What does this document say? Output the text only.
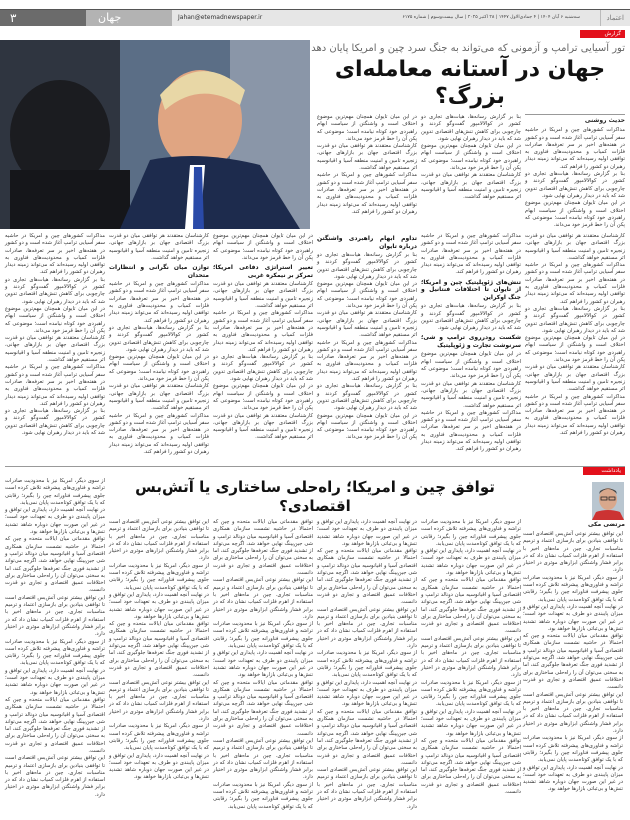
۳	جهان	Jahan@etemadnewspaper.ir	سه‌شنبه ۶ آبان ۱۴۰۴ | ۴ جمادی‌الاول ۱۴۴۷ | ۲۸ اکتبر ۲۰۲۵ | سال بیست‌وسوم | شماره ۶۱۷۵	اعتماد
گزارش
تور آسیایی ترامپ و آزمونی که می‌تواند به جنگ سرد چین و امریکا پایان دهد
جهان در آستانه معامله‌ای بزرگ؟
حدیث روشنی

مذاکرات کشورهای چین و امریکا در حاشیه سفر آسیایی ترامپ آغاز شده است و دو کشور در هفته‌های اخیر بر سر تعرفه‌ها، صادرات فلزات کمیاب و محدودیت‌های فناوری به توافقی اولیه رسیده‌اند که می‌تواند زمینه دیدار رهبران دو کشور را فراهم کند.

بنا بر گزارش رسانه‌ها، هیات‌های تجاری دو کشور در کوالالامپور گفت‌وگو کردند و چارچوبی برای کاهش تنش‌های اقتصادی تدوین شد که باید در دیدار رهبران نهایی شود.

در این میان تایوان همچنان مهم‌ترین موضوع اختلاف است و واشنگتن از سیاست ابهام راهبردی خود کوتاه نیامده است؛ موضوعی که پکن آن را خط قرمز خود می‌داند.

بنا بر گزارش رسانه‌ها، هیات‌های تجاری دو کشور در کوالالامپور گفت‌وگو کردند و چارچوبی برای کاهش تنش‌های اقتصادی تدوین شد که باید در دیدار رهبران نهایی شود.

در این میان تایوان همچنان مهم‌ترین موضوع اختلاف است و واشنگتن از سیاست ابهام راهبردی خود کوتاه نیامده است؛ موضوعی که پکن آن را خط قرمز خود می‌داند.

کارشناسان معتقدند هر توافقی میان دو قدرت بزرگ اقتصادی جهان بر بازارهای جهانی، زنجیره تامین و امنیت منطقه آسیا و اقیانوسیه اثر مستقیم خواهد گذاشت.

در این میان تایوان همچنان مهم‌ترین موضوع اختلاف است و واشنگتن از سیاست ابهام راهبردی خود کوتاه نیامده است؛ موضوعی که پکن آن را خط قرمز خود می‌داند.

کارشناسان معتقدند هر توافقی میان دو قدرت بزرگ اقتصادی جهان بر بازارهای جهانی، زنجیره تامین و امنیت منطقه آسیا و اقیانوسیه اثر مستقیم خواهد گذاشت.

مذاکرات کشورهای چین و امریکا در حاشیه سفر آسیایی ترامپ آغاز شده است و دو کشور در هفته‌های اخیر بر سر تعرفه‌ها، صادرات فلزات کمیاب و محدودیت‌های فناوری به توافقی اولیه رسیده‌اند که می‌تواند زمینه دیدار رهبران دو کشور را فراهم کند.

کارشناسان معتقدند هر توافقی میان دو قدرت بزرگ اقتصادی جهان بر بازارهای جهانی، زنجیره تامین و امنیت منطقه آسیا و اقیانوسیه اثر مستقیم خواهد گذاشت.

مذاکرات کشورهای چین و امریکا در حاشیه سفر آسیایی ترامپ آغاز شده است و دو کشور در هفته‌های اخیر بر سر تعرفه‌ها، صادرات فلزات کمیاب و محدودیت‌های فناوری به توافقی اولیه رسیده‌اند که می‌تواند زمینه دیدار رهبران دو کشور را فراهم کند.

بنا بر گزارش رسانه‌ها، هیات‌های تجاری دو کشور در کوالالامپور گفت‌وگو کردند و چارچوبی برای کاهش تنش‌های اقتصادی تدوین شد که باید در دیدار رهبران نهایی شود.

در این میان تایوان همچنان مهم‌ترین موضوع اختلاف است و واشنگتن از سیاست ابهام راهبردی خود کوتاه نیامده است؛ موضوعی که پکن آن را خط قرمز خود می‌داند.

کارشناسان معتقدند هر توافقی میان دو قدرت بزرگ اقتصادی جهان بر بازارهای جهانی، زنجیره تامین و امنیت منطقه آسیا و اقیانوسیه اثر مستقیم خواهد گذاشت.

مذاکرات کشورهای چین و امریکا در حاشیه سفر آسیایی ترامپ آغاز شده است و دو کشور در هفته‌های اخیر بر سر تعرفه‌ها، صادرات فلزات کمیاب و محدودیت‌های فناوری به توافقی اولیه رسیده‌اند که می‌تواند زمینه دیدار رهبران دو کشور را فراهم کند.

مذاکرات کشورهای چین و امریکا در حاشیه سفر آسیایی ترامپ آغاز شده است و دو کشور در هفته‌های اخیر بر سر تعرفه‌ها، صادرات فلزات کمیاب و محدودیت‌های فناوری به توافقی اولیه رسیده‌اند که می‌تواند زمینه دیدار رهبران دو کشور را فراهم کند.

تنش‌های ژئوپلیتیک چین و امریکا؛ از تایوان تا اختلافات فنتانیل و جنگ اوکراین

بنا بر گزارش رسانه‌ها، هیات‌های تجاری دو کشور در کوالالامپور گفت‌وگو کردند و چارچوبی برای کاهش تنش‌های اقتصادی تدوین شد که باید در دیدار رهبران نهایی شود.

شکست رودرروی ترامپ و شی؛ سرنوشت تجارت و ژئوپلیتیک

در این میان تایوان همچنان مهم‌ترین موضوع اختلاف است و واشنگتن از سیاست ابهام راهبردی خود کوتاه نیامده است؛ موضوعی که پکن آن را خط قرمز خود می‌داند.

کارشناسان معتقدند هر توافقی میان دو قدرت بزرگ اقتصادی جهان بر بازارهای جهانی، زنجیره تامین و امنیت منطقه آسیا و اقیانوسیه اثر مستقیم خواهد گذاشت.

مذاکرات کشورهای چین و امریکا در حاشیه سفر آسیایی ترامپ آغاز شده است و دو کشور در هفته‌های اخیر بر سر تعرفه‌ها، صادرات فلزات کمیاب و محدودیت‌های فناوری به توافقی اولیه رسیده‌اند که می‌تواند زمینه دیدار رهبران دو کشور را فراهم کند.

تداوم ابهام راهبردی واشنگتن درباره تایوان

بنا بر گزارش رسانه‌ها، هیات‌های تجاری دو کشور در کوالالامپور گفت‌وگو کردند و چارچوبی برای کاهش تنش‌های اقتصادی تدوین شد که باید در دیدار رهبران نهایی شود.

در این میان تایوان همچنان مهم‌ترین موضوع اختلاف است و واشنگتن از سیاست ابهام راهبردی خود کوتاه نیامده است؛ موضوعی که پکن آن را خط قرمز خود می‌داند.

کارشناسان معتقدند هر توافقی میان دو قدرت بزرگ اقتصادی جهان بر بازارهای جهانی، زنجیره تامین و امنیت منطقه آسیا و اقیانوسیه اثر مستقیم خواهد گذاشت.

مذاکرات کشورهای چین و امریکا در حاشیه سفر آسیایی ترامپ آغاز شده است و دو کشور در هفته‌های اخیر بر سر تعرفه‌ها، صادرات فلزات کمیاب و محدودیت‌های فناوری به توافقی اولیه رسیده‌اند که می‌تواند زمینه دیدار رهبران دو کشور را فراهم کند.

بنا بر گزارش رسانه‌ها، هیات‌های تجاری دو کشور در کوالالامپور گفت‌وگو کردند و چارچوبی برای کاهش تنش‌های اقتصادی تدوین شد که باید در دیدار رهبران نهایی شود.

در این میان تایوان همچنان مهم‌ترین موضوع اختلاف است و واشنگتن از سیاست ابهام راهبردی خود کوتاه نیامده است؛ موضوعی که پکن آن را خط قرمز خود می‌داند.

در این میان تایوان همچنان مهم‌ترین موضوع اختلاف است و واشنگتن از سیاست ابهام راهبردی خود کوتاه نیامده است؛ موضوعی که پکن آن را خط قرمز خود می‌داند.

تغییر استراتژی دفاعی امریکا؛ تمرکز بر نیمکره غربی

کارشناسان معتقدند هر توافقی میان دو قدرت بزرگ اقتصادی جهان بر بازارهای جهانی، زنجیره تامین و امنیت منطقه آسیا و اقیانوسیه اثر مستقیم خواهد گذاشت.

مذاکرات کشورهای چین و امریکا در حاشیه سفر آسیایی ترامپ آغاز شده است و دو کشور در هفته‌های اخیر بر سر تعرفه‌ها، صادرات فلزات کمیاب و محدودیت‌های فناوری به توافقی اولیه رسیده‌اند که می‌تواند زمینه دیدار رهبران دو کشور را فراهم کند.

بنا بر گزارش رسانه‌ها، هیات‌های تجاری دو کشور در کوالالامپور گفت‌وگو کردند و چارچوبی برای کاهش تنش‌های اقتصادی تدوین شد که باید در دیدار رهبران نهایی شود.

در این میان تایوان همچنان مهم‌ترین موضوع اختلاف است و واشنگتن از سیاست ابهام راهبردی خود کوتاه نیامده است؛ موضوعی که پکن آن را خط قرمز خود می‌داند.

کارشناسان معتقدند هر توافقی میان دو قدرت بزرگ اقتصادی جهان بر بازارهای جهانی، زنجیره تامین و امنیت منطقه آسیا و اقیانوسیه اثر مستقیم خواهد گذاشت.

کارشناسان معتقدند هر توافقی میان دو قدرت بزرگ اقتصادی جهان بر بازارهای جهانی، زنجیره تامین و امنیت منطقه آسیا و اقیانوسیه اثر مستقیم خواهد گذاشت.

توازن میان نگرانی و انتظارات متحدان

مذاکرات کشورهای چین و امریکا در حاشیه سفر آسیایی ترامپ آغاز شده است و دو کشور در هفته‌های اخیر بر سر تعرفه‌ها، صادرات فلزات کمیاب و محدودیت‌های فناوری به توافقی اولیه رسیده‌اند که می‌تواند زمینه دیدار رهبران دو کشور را فراهم کند.

بنا بر گزارش رسانه‌ها، هیات‌های تجاری دو کشور در کوالالامپور گفت‌وگو کردند و چارچوبی برای کاهش تنش‌های اقتصادی تدوین شد که باید در دیدار رهبران نهایی شود.

در این میان تایوان همچنان مهم‌ترین موضوع اختلاف است و واشنگتن از سیاست ابهام راهبردی خود کوتاه نیامده است؛ موضوعی که پکن آن را خط قرمز خود می‌داند.

کارشناسان معتقدند هر توافقی میان دو قدرت بزرگ اقتصادی جهان بر بازارهای جهانی، زنجیره تامین و امنیت منطقه آسیا و اقیانوسیه اثر مستقیم خواهد گذاشت.

مذاکرات کشورهای چین و امریکا در حاشیه سفر آسیایی ترامپ آغاز شده است و دو کشور در هفته‌های اخیر بر سر تعرفه‌ها، صادرات فلزات کمیاب و محدودیت‌های فناوری به توافقی اولیه رسیده‌اند که می‌تواند زمینه دیدار رهبران دو کشور را فراهم کند.

مذاکرات کشورهای چین و امریکا در حاشیه سفر آسیایی ترامپ آغاز شده است و دو کشور در هفته‌های اخیر بر سر تعرفه‌ها، صادرات فلزات کمیاب و محدودیت‌های فناوری به توافقی اولیه رسیده‌اند که می‌تواند زمینه دیدار رهبران دو کشور را فراهم کند.

بنا بر گزارش رسانه‌ها، هیات‌های تجاری دو کشور در کوالالامپور گفت‌وگو کردند و چارچوبی برای کاهش تنش‌های اقتصادی تدوین شد که باید در دیدار رهبران نهایی شود.

در این میان تایوان همچنان مهم‌ترین موضوع اختلاف است و واشنگتن از سیاست ابهام راهبردی خود کوتاه نیامده است؛ موضوعی که پکن آن را خط قرمز خود می‌داند.

کارشناسان معتقدند هر توافقی میان دو قدرت بزرگ اقتصادی جهان بر بازارهای جهانی، زنجیره تامین و امنیت منطقه آسیا و اقیانوسیه اثر مستقیم خواهد گذاشت.

مذاکرات کشورهای چین و امریکا در حاشیه سفر آسیایی ترامپ آغاز شده است و دو کشور در هفته‌های اخیر بر سر تعرفه‌ها، صادرات فلزات کمیاب و محدودیت‌های فناوری به توافقی اولیه رسیده‌اند که می‌تواند زمینه دیدار رهبران دو کشور را فراهم کند.

بنا بر گزارش رسانه‌ها، هیات‌های تجاری دو کشور در کوالالامپور گفت‌وگو کردند و چارچوبی برای کاهش تنش‌های اقتصادی تدوین شد که باید در دیدار رهبران نهایی شود.

یادداشت
توافق چین و امریکا؛ راه‌حلی ساختاری یا آتش‌بس اقتصادی؟
مرتضی مکی

این توافق بیشتر نوعی آتش‌بس اقتصادی است تا توافقی بنیادین برای بازسازی اعتماد و ترمیم مناسبات تجاری. چین در ماه‌های اخیر با استفاده از اهرم فلزات کمیاب نشان داد که در برابر فشار واشنگتن ابزارهای موثری در اختیار دارد.

از سوی دیگر، امریکا نیز با محدودیت صادرات تراشه و فناوری‌های پیشرفته تلاش کرده است جلوی پیشرفت فناورانه چین را بگیرد؛ رقابتی که با یک توافق کوتاه‌مدت پایان نمی‌یابد.

در نهایت آنچه اهمیت دارد، پایداری این توافق و میزان پایبندی دو طرف به تعهدات خود است؛ در غیر این صورت جهان دوباره شاهد تشدید تنش‌ها و بی‌ثباتی بازارها خواهد بود.

توافق مقدماتی میان ایالات متحده و چین که احتمالا در حاشیه نشست سازمان همکاری اقتصادی آسیا و اقیانوسیه میان دونالد ترامپ و شی جین‌پینگ نهایی خواهد شد، اگرچه می‌تواند از تشدید فوری جنگ تعرفه‌ها جلوگیری کند، اما به سختی می‌توان آن را راه‌حلی ساختاری برای اختلافات عمیق اقتصادی و تجاری دو قدرت دانست.

این توافق بیشتر نوعی آتش‌بس اقتصادی است تا توافقی بنیادین برای بازسازی اعتماد و ترمیم مناسبات تجاری. چین در ماه‌های اخیر با استفاده از اهرم فلزات کمیاب نشان داد که در برابر فشار واشنگتن ابزارهای موثری در اختیار دارد.

از سوی دیگر، امریکا نیز با محدودیت صادرات تراشه و فناوری‌های پیشرفته تلاش کرده است جلوی پیشرفت فناورانه چین را بگیرد؛ رقابتی که با یک توافق کوتاه‌مدت پایان نمی‌یابد.

در نهایت آنچه اهمیت دارد، پایداری این توافق و میزان پایبندی دو طرف به تعهدات خود است؛ در غیر این صورت جهان دوباره شاهد تشدید تنش‌ها و بی‌ثباتی بازارها خواهد بود.

از سوی دیگر، امریکا نیز با محدودیت صادرات تراشه و فناوری‌های پیشرفته تلاش کرده است جلوی پیشرفت فناورانه چین را بگیرد؛ رقابتی که با یک توافق کوتاه‌مدت پایان نمی‌یابد.

در نهایت آنچه اهمیت دارد، پایداری این توافق و میزان پایبندی دو طرف به تعهدات خود است؛ در غیر این صورت جهان دوباره شاهد تشدید تنش‌ها و بی‌ثباتی بازارها خواهد بود.

توافق مقدماتی میان ایالات متحده و چین که احتمالا در حاشیه نشست سازمان همکاری اقتصادی آسیا و اقیانوسیه میان دونالد ترامپ و شی جین‌پینگ نهایی خواهد شد، اگرچه می‌تواند از تشدید فوری جنگ تعرفه‌ها جلوگیری کند، اما به سختی می‌توان آن را راه‌حلی ساختاری برای اختلافات عمیق اقتصادی و تجاری دو قدرت دانست.

این توافق بیشتر نوعی آتش‌بس اقتصادی است تا توافقی بنیادین برای بازسازی اعتماد و ترمیم مناسبات تجاری. چین در ماه‌های اخیر با استفاده از اهرم فلزات کمیاب نشان داد که در برابر فشار واشنگتن ابزارهای موثری در اختیار دارد.

از سوی دیگر، امریکا نیز با محدودیت صادرات تراشه و فناوری‌های پیشرفته تلاش کرده است جلوی پیشرفت فناورانه چین را بگیرد؛ رقابتی که با یک توافق کوتاه‌مدت پایان نمی‌یابد.

در نهایت آنچه اهمیت دارد، پایداری این توافق و میزان پایبندی دو طرف به تعهدات خود است؛ در غیر این صورت جهان دوباره شاهد تشدید تنش‌ها و بی‌ثباتی بازارها خواهد بود.

توافق مقدماتی میان ایالات متحده و چین که احتمالا در حاشیه نشست سازمان همکاری اقتصادی آسیا و اقیانوسیه میان دونالد ترامپ و شی جین‌پینگ نهایی خواهد شد، اگرچه می‌تواند از تشدید فوری جنگ تعرفه‌ها جلوگیری کند، اما به سختی می‌توان آن را راه‌حلی ساختاری برای اختلافات عمیق اقتصادی و تجاری دو قدرت دانست.

در نهایت آنچه اهمیت دارد، پایداری این توافق و میزان پایبندی دو طرف به تعهدات خود است؛ در غیر این صورت جهان دوباره شاهد تشدید تنش‌ها و بی‌ثباتی بازارها خواهد بود.

توافق مقدماتی میان ایالات متحده و چین که احتمالا در حاشیه نشست سازمان همکاری اقتصادی آسیا و اقیانوسیه میان دونالد ترامپ و شی جین‌پینگ نهایی خواهد شد، اگرچه می‌تواند از تشدید فوری جنگ تعرفه‌ها جلوگیری کند، اما به سختی می‌توان آن را راه‌حلی ساختاری برای اختلافات عمیق اقتصادی و تجاری دو قدرت دانست.

این توافق بیشتر نوعی آتش‌بس اقتصادی است تا توافقی بنیادین برای بازسازی اعتماد و ترمیم مناسبات تجاری. چین در ماه‌های اخیر با استفاده از اهرم فلزات کمیاب نشان داد که در برابر فشار واشنگتن ابزارهای موثری در اختیار دارد.

از سوی دیگر، امریکا نیز با محدودیت صادرات تراشه و فناوری‌های پیشرفته تلاش کرده است جلوی پیشرفت فناورانه چین را بگیرد؛ رقابتی که با یک توافق کوتاه‌مدت پایان نمی‌یابد.

در نهایت آنچه اهمیت دارد، پایداری این توافق و میزان پایبندی دو طرف به تعهدات خود است؛ در غیر این صورت جهان دوباره شاهد تشدید تنش‌ها و بی‌ثباتی بازارها خواهد بود.

توافق مقدماتی میان ایالات متحده و چین که احتمالا در حاشیه نشست سازمان همکاری اقتصادی آسیا و اقیانوسیه میان دونالد ترامپ و شی جین‌پینگ نهایی خواهد شد، اگرچه می‌تواند از تشدید فوری جنگ تعرفه‌ها جلوگیری کند، اما به سختی می‌توان آن را راه‌حلی ساختاری برای اختلافات عمیق اقتصادی و تجاری دو قدرت دانست.

این توافق بیشتر نوعی آتش‌بس اقتصادی است تا توافقی بنیادین برای بازسازی اعتماد و ترمیم مناسبات تجاری. چین در ماه‌های اخیر با استفاده از اهرم فلزات کمیاب نشان داد که در برابر فشار واشنگتن ابزارهای موثری در اختیار دارد.

توافق مقدماتی میان ایالات متحده و چین که احتمالا در حاشیه نشست سازمان همکاری اقتصادی آسیا و اقیانوسیه میان دونالد ترامپ و شی جین‌پینگ نهایی خواهد شد، اگرچه می‌تواند از تشدید فوری جنگ تعرفه‌ها جلوگیری کند، اما به سختی می‌توان آن را راه‌حلی ساختاری برای اختلافات عمیق اقتصادی و تجاری دو قدرت دانست.

این توافق بیشتر نوعی آتش‌بس اقتصادی است تا توافقی بنیادین برای بازسازی اعتماد و ترمیم مناسبات تجاری. چین در ماه‌های اخیر با استفاده از اهرم فلزات کمیاب نشان داد که در برابر فشار واشنگتن ابزارهای موثری در اختیار دارد.

از سوی دیگر، امریکا نیز با محدودیت صادرات تراشه و فناوری‌های پیشرفته تلاش کرده است جلوی پیشرفت فناورانه چین را بگیرد؛ رقابتی که با یک توافق کوتاه‌مدت پایان نمی‌یابد.

در نهایت آنچه اهمیت دارد، پایداری این توافق و میزان پایبندی دو طرف به تعهدات خود است؛ در غیر این صورت جهان دوباره شاهد تشدید تنش‌ها و بی‌ثباتی بازارها خواهد بود.

توافق مقدماتی میان ایالات متحده و چین که احتمالا در حاشیه نشست سازمان همکاری اقتصادی آسیا و اقیانوسیه میان دونالد ترامپ و شی جین‌پینگ نهایی خواهد شد، اگرچه می‌تواند از تشدید فوری جنگ تعرفه‌ها جلوگیری کند، اما به سختی می‌توان آن را راه‌حلی ساختاری برای اختلافات عمیق اقتصادی و تجاری دو قدرت دانست.

این توافق بیشتر نوعی آتش‌بس اقتصادی است تا توافقی بنیادین برای بازسازی اعتماد و ترمیم مناسبات تجاری. چین در ماه‌های اخیر با استفاده از اهرم فلزات کمیاب نشان داد که در برابر فشار واشنگتن ابزارهای موثری در اختیار دارد.

از سوی دیگر، امریکا نیز با محدودیت صادرات تراشه و فناوری‌های پیشرفته تلاش کرده است جلوی پیشرفت فناورانه چین را بگیرد؛ رقابتی که با یک توافق کوتاه‌مدت پایان نمی‌یابد.

این توافق بیشتر نوعی آتش‌بس اقتصادی است تا توافقی بنیادین برای بازسازی اعتماد و ترمیم مناسبات تجاری. چین در ماه‌های اخیر با استفاده از اهرم فلزات کمیاب نشان داد که در برابر فشار واشنگتن ابزارهای موثری در اختیار دارد.

از سوی دیگر، امریکا نیز با محدودیت صادرات تراشه و فناوری‌های پیشرفته تلاش کرده است جلوی پیشرفت فناورانه چین را بگیرد؛ رقابتی که با یک توافق کوتاه‌مدت پایان نمی‌یابد.

در نهایت آنچه اهمیت دارد، پایداری این توافق و میزان پایبندی دو طرف به تعهدات خود است؛ در غیر این صورت جهان دوباره شاهد تشدید تنش‌ها و بی‌ثباتی بازارها خواهد بود.

توافق مقدماتی میان ایالات متحده و چین که احتمالا در حاشیه نشست سازمان همکاری اقتصادی آسیا و اقیانوسیه میان دونالد ترامپ و شی جین‌پینگ نهایی خواهد شد، اگرچه می‌تواند از تشدید فوری جنگ تعرفه‌ها جلوگیری کند، اما به سختی می‌توان آن را راه‌حلی ساختاری برای اختلافات عمیق اقتصادی و تجاری دو قدرت دانست.

این توافق بیشتر نوعی آتش‌بس اقتصادی است تا توافقی بنیادین برای بازسازی اعتماد و ترمیم مناسبات تجاری. چین در ماه‌های اخیر با استفاده از اهرم فلزات کمیاب نشان داد که در برابر فشار واشنگتن ابزارهای موثری در اختیار دارد.

از سوی دیگر، امریکا نیز با محدودیت صادرات تراشه و فناوری‌های پیشرفته تلاش کرده است جلوی پیشرفت فناورانه چین را بگیرد؛ رقابتی که با یک توافق کوتاه‌مدت پایان نمی‌یابد.

در نهایت آنچه اهمیت دارد، پایداری این توافق و میزان پایبندی دو طرف به تعهدات خود است؛ در غیر این صورت جهان دوباره شاهد تشدید تنش‌ها و بی‌ثباتی بازارها خواهد بود.

از سوی دیگر، امریکا نیز با محدودیت صادرات تراشه و فناوری‌های پیشرفته تلاش کرده است جلوی پیشرفت فناورانه چین را بگیرد؛ رقابتی که با یک توافق کوتاه‌مدت پایان نمی‌یابد.

در نهایت آنچه اهمیت دارد، پایداری این توافق و میزان پایبندی دو طرف به تعهدات خود است؛ در غیر این صورت جهان دوباره شاهد تشدید تنش‌ها و بی‌ثباتی بازارها خواهد بود.

توافق مقدماتی میان ایالات متحده و چین که احتمالا در حاشیه نشست سازمان همکاری اقتصادی آسیا و اقیانوسیه میان دونالد ترامپ و شی جین‌پینگ نهایی خواهد شد، اگرچه می‌تواند از تشدید فوری جنگ تعرفه‌ها جلوگیری کند، اما به سختی می‌توان آن را راه‌حلی ساختاری برای اختلافات عمیق اقتصادی و تجاری دو قدرت دانست.

این توافق بیشتر نوعی آتش‌بس اقتصادی است تا توافقی بنیادین برای بازسازی اعتماد و ترمیم مناسبات تجاری. چین در ماه‌های اخیر با استفاده از اهرم فلزات کمیاب نشان داد که در برابر فشار واشنگتن ابزارهای موثری در اختیار دارد.

از سوی دیگر، امریکا نیز با محدودیت صادرات تراشه و فناوری‌های پیشرفته تلاش کرده است جلوی پیشرفت فناورانه چین را بگیرد؛ رقابتی که با یک توافق کوتاه‌مدت پایان نمی‌یابد.

در نهایت آنچه اهمیت دارد، پایداری این توافق و میزان پایبندی دو طرف به تعهدات خود است؛ در غیر این صورت جهان دوباره شاهد تشدید تنش‌ها و بی‌ثباتی بازارها خواهد بود.

توافق مقدماتی میان ایالات متحده و چین که احتمالا در حاشیه نشست سازمان همکاری اقتصادی آسیا و اقیانوسیه میان دونالد ترامپ و شی جین‌پینگ نهایی خواهد شد، اگرچه می‌تواند از تشدید فوری جنگ تعرفه‌ها جلوگیری کند، اما به سختی می‌توان آن را راه‌حلی ساختاری برای اختلافات عمیق اقتصادی و تجاری دو قدرت دانست.

این توافق بیشتر نوعی آتش‌بس اقتصادی است تا توافقی بنیادین برای بازسازی اعتماد و ترمیم مناسبات تجاری. چین در ماه‌های اخیر با استفاده از اهرم فلزات کمیاب نشان داد که در برابر فشار واشنگتن ابزارهای موثری در اختیار دارد.
